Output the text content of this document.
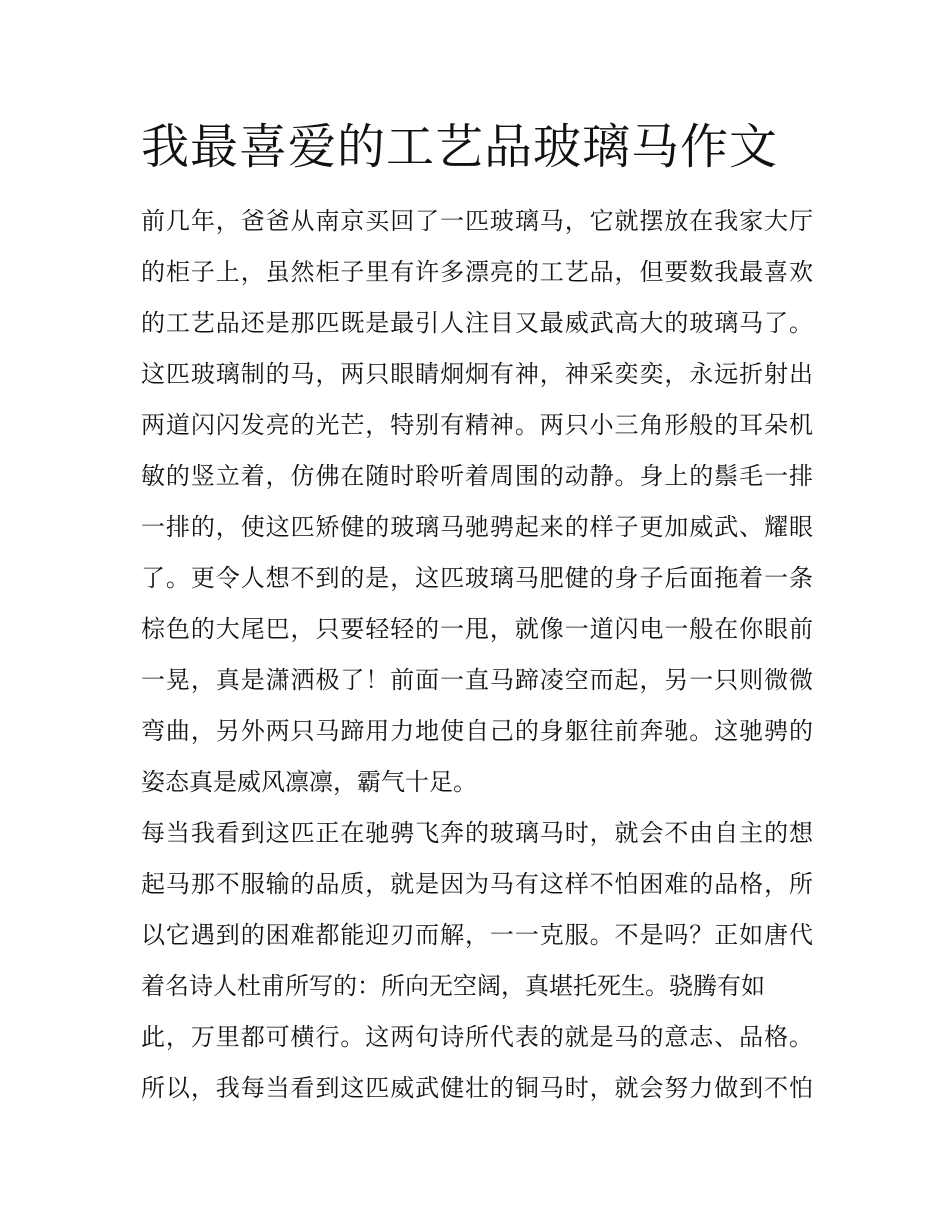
我最喜爱的工艺品玻璃马作文
前几年，爸爸从南京买回了一匹玻璃马，它就摆放在我家大厅
的柜子上，虽然柜子里有许多漂亮的工艺品，但要数我最喜欢
的工艺品还是那匹既是最引人注目又最威武高大的玻璃马了。
这匹玻璃制的马，两只眼睛炯炯有神，神采奕奕，永远折射出
两道闪闪发亮的光芒，特别有精神。两只小三角形般的耳朵机
敏的竖立着，仿佛在随时聆听着周围的动静。身上的鬃毛一排
一排的，使这匹矫健的玻璃马驰骋起来的样子更加威武、耀眼
了。更令人想不到的是，这匹玻璃马肥健的身子后面拖着一条
棕色的大尾巴，只要轻轻的一甩，就像一道闪电一般在你眼前
一晃，真是潇洒极了！前面一直马蹄凌空而起，另一只则微微
弯曲，另外两只马蹄用力地使自己的身躯往前奔驰。这驰骋的
姿态真是威风凛凛，霸气十足。
每当我看到这匹正在驰骋飞奔的玻璃马时，就会不由自主的想
起马那不服输的品质，就是因为马有这样不怕困难的品格，所
以它遇到的困难都能迎刃而解，一一克服。不是吗？正如唐代
着名诗人杜甫所写的：所向无空阔，真堪托死生。骁腾有如
此，万里都可横行。这两句诗所代表的就是马的意志、品格。
所以，我每当看到这匹威武健壮的铜马时，就会努力做到不怕
